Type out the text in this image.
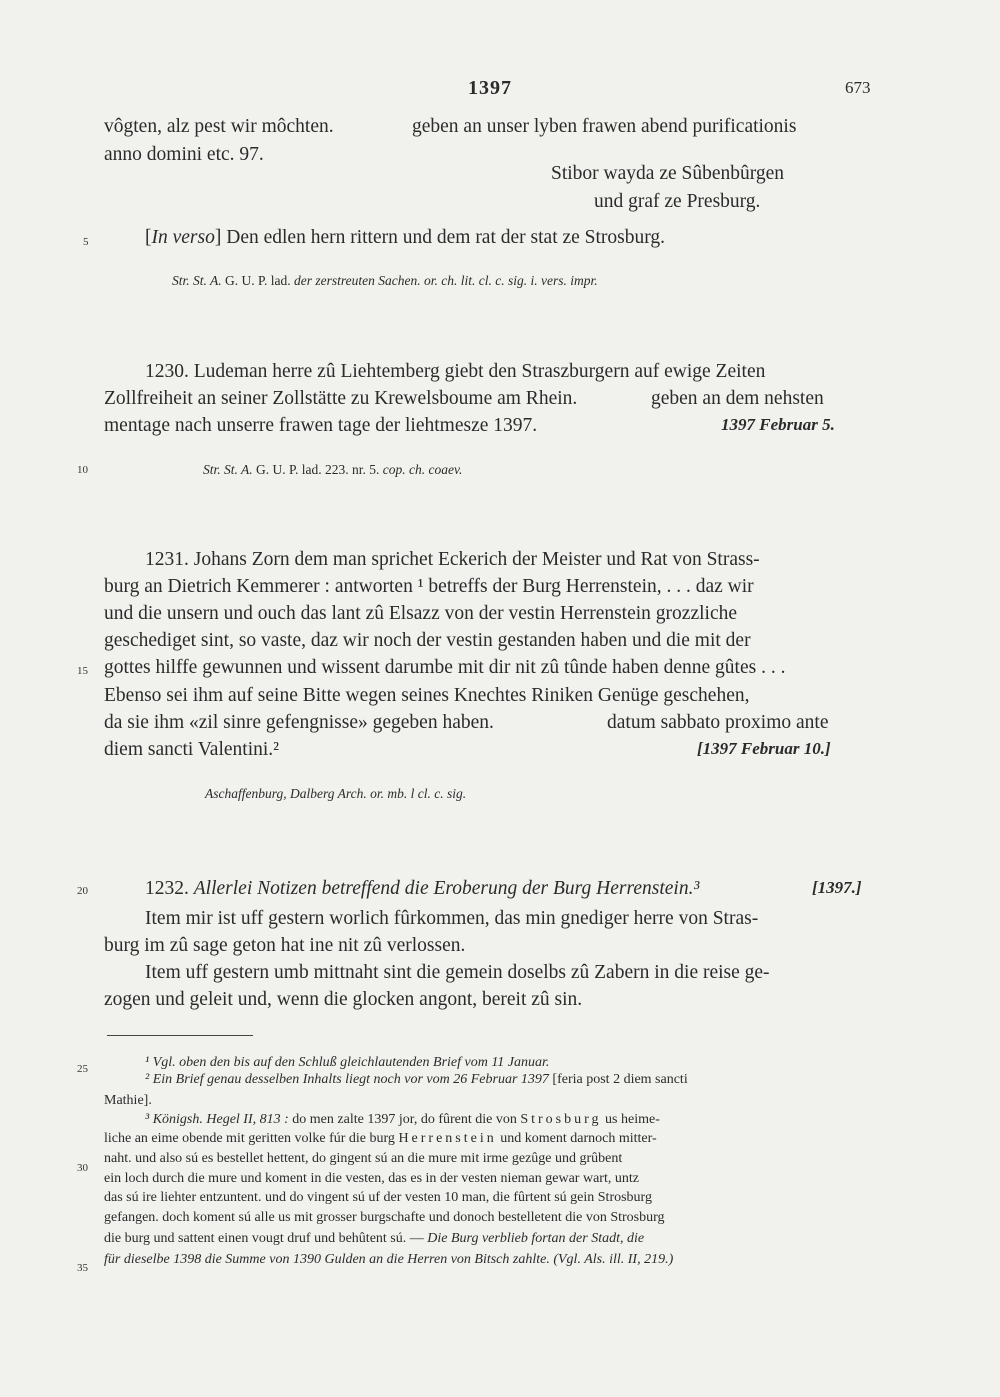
1397	673
5
10
15
20
25
30
35
vôgten, alz pest wir môchten.	geben an unser lyben frawen abend purificationis
anno domini etc. 97.
Stibor wayda ze Sûbenbûrgen
und graf ze Presburg.
[In verso] Den edlen hern rittern und dem rat der stat ze Strosburg.
Str. St. A. G. U. P. lad. der zerstreuten Sachen. or. ch. lit. cl. c. sig. i. vers. impr.
1230. Ludeman herre zû Liehtemberg giebt den Straszburgern auf ewige Zeiten
Zollfreiheit an seiner Zollstätte zu Krewelsboume am Rhein.	geben an dem nehsten
mentage nach unserre frawen tage der liehtmesze 1397.	1397 Februar 5.
Str. St. A. G. U. P. lad. 223. nr. 5. cop. ch. coaev.
1231. Johans Zorn dem man sprichet Eckerich der Meister und Rat von Strass-
burg an Dietrich Kemmerer : antworten ¹ betreffs der Burg Herrenstein, . . . daz wir
und die unsern und ouch das lant zû Elsazz von der vestin Herrenstein grozzliche
geschediget sint, so vaste, daz wir noch der vestin gestanden haben und die mit der
gottes hilffe gewunnen und wissent darumbe mit dir nit zû tûnde haben denne gûtes . . .
Ebenso sei ihm auf seine Bitte wegen seines Knechtes Riniken Genüge geschehen,
da sie ihm «zil sinre gefengnisse» gegeben haben.	datum sabbato proximo ante
diem sancti Valentini.²	[1397 Februar 10.]
Aschaffenburg, Dalberg Arch. or. mb. l cl. c. sig.
1232. Allerlei Notizen betreffend die Eroberung der Burg Herrenstein.³	[1397.]
Item mir ist uff gestern worlich fûrkommen, das min gnediger herre von Stras-
burg im zû sage geton hat ine nit zû verlossen.
Item uff gestern umb mittnaht sint die gemein doselbs zû Zabern in die reise ge-
zogen und geleit und, wenn die glocken angont, bereit zû sin.
¹ Vgl. oben den bis auf den Schluß gleichlautenden Brief vom 11 Januar.
² Ein Brief genau desselben Inhalts liegt noch vor vom 26 Februar 1397 [feria post 2 diem sancti
Mathie].
³ Königsh. Hegel II, 813 : do men zalte 1397 jor, do fûrent die von Strosburg us heime-
liche an eime obende mit geritten volke fúr die burg Herrenstein und koment darnoch mitter-
naht. und also sú es bestellet hettent, do gingent sú an die mure mit irme gezûge und grûbent
ein loch durch die mure und koment in die vesten, das es in der vesten nieman gewar wart, untz
das sú ire liehter entzuntent. und do vingent sú uf der vesten 10 man, die fûrtent sú gein Strosburg
gefangen. doch koment sú alle us mit grosser burgschafte und donoch bestelletent die von Strosburg
die burg und sattent einen vougt druf und behûtent sú. — Die Burg verblieb fortan der Stadt, die
für dieselbe 1398 die Summe von 1390 Gulden an die Herren von Bitsch zahlte. (Vgl. Als. ill. II, 219.)
